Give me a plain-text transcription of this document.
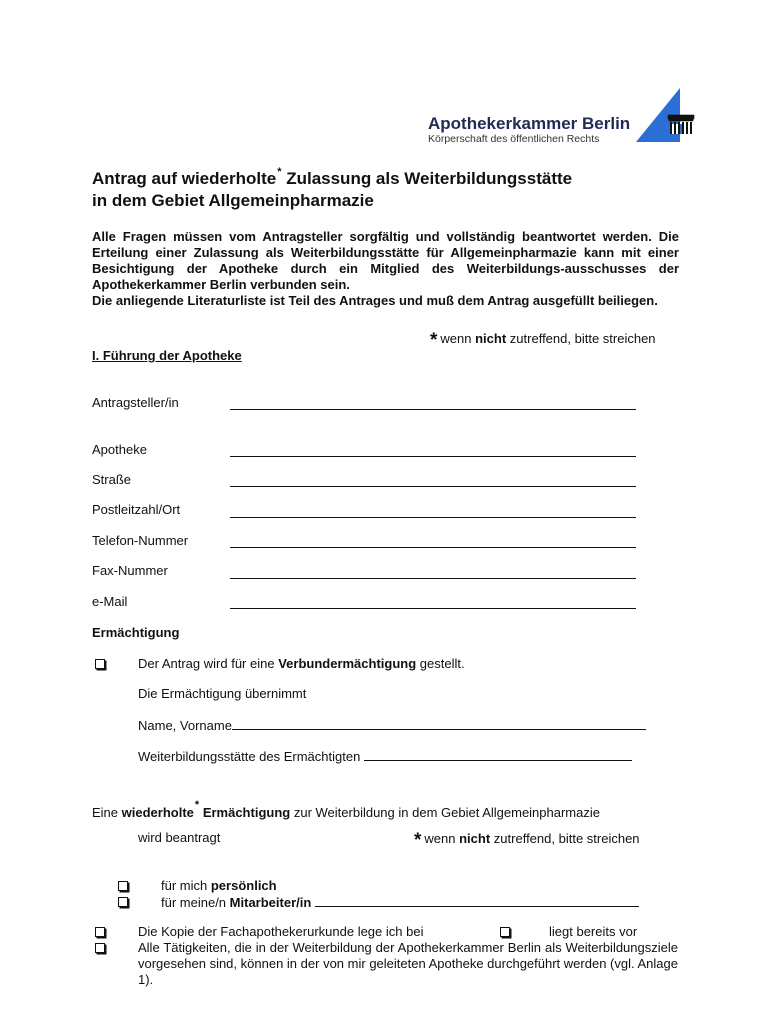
Apothekerkammer Berlin
Körperschaft des öffentlichen Rechts
Antrag auf wiederholte* Zulassung als Weiterbildungsstätte
in dem Gebiet Allgemeinpharmazie

Alle Fragen müssen vom Antragsteller sorgfältig und vollständig beantwortet werden. Die Erteilung einer Zulassung als Weiterbildungsstätte für Allgemeinpharmazie kann mit einer Besichtigung der Apotheke durch ein Mitglied des Weiterbildungs-ausschusses der Apothekerkammer Berlin verbunden sein.

Die anliegende Literaturliste ist Teil des Antrages und muß dem Antrag ausgefüllt beiliegen.

* wenn nicht zutreffend, bitte streichen
I. Führung der Apotheke
Antragsteller/in
Apotheke
Straße
Postleitzahl/Ort
Telefon-Nummer
Fax-Nummer
e-Mail
Ermächtigung
Der Antrag wird für eine Verbundermächtigung gestellt.
Die Ermächtigung übernimmt
Name, Vorname
Weiterbildungsstätte des Ermächtigten
Eine wiederholte* Ermächtigung zur Weiterbildung in dem Gebiet Allgemeinpharmazie
wird beantragt	* wenn nicht zutreffend, bitte streichen
für mich persönlich
für meine/n Mitarbeiter/in
Die Kopie der Fachapothekerurkunde lege ich bei	liegt bereits vor
Alle Tätigkeiten, die in der Weiterbildung der Apothekerkammer Berlin als Weiterbildungsziele vorgesehen sind, können in der von mir geleiteten Apotheke durchgeführt werden (vgl. Anlage 1).
